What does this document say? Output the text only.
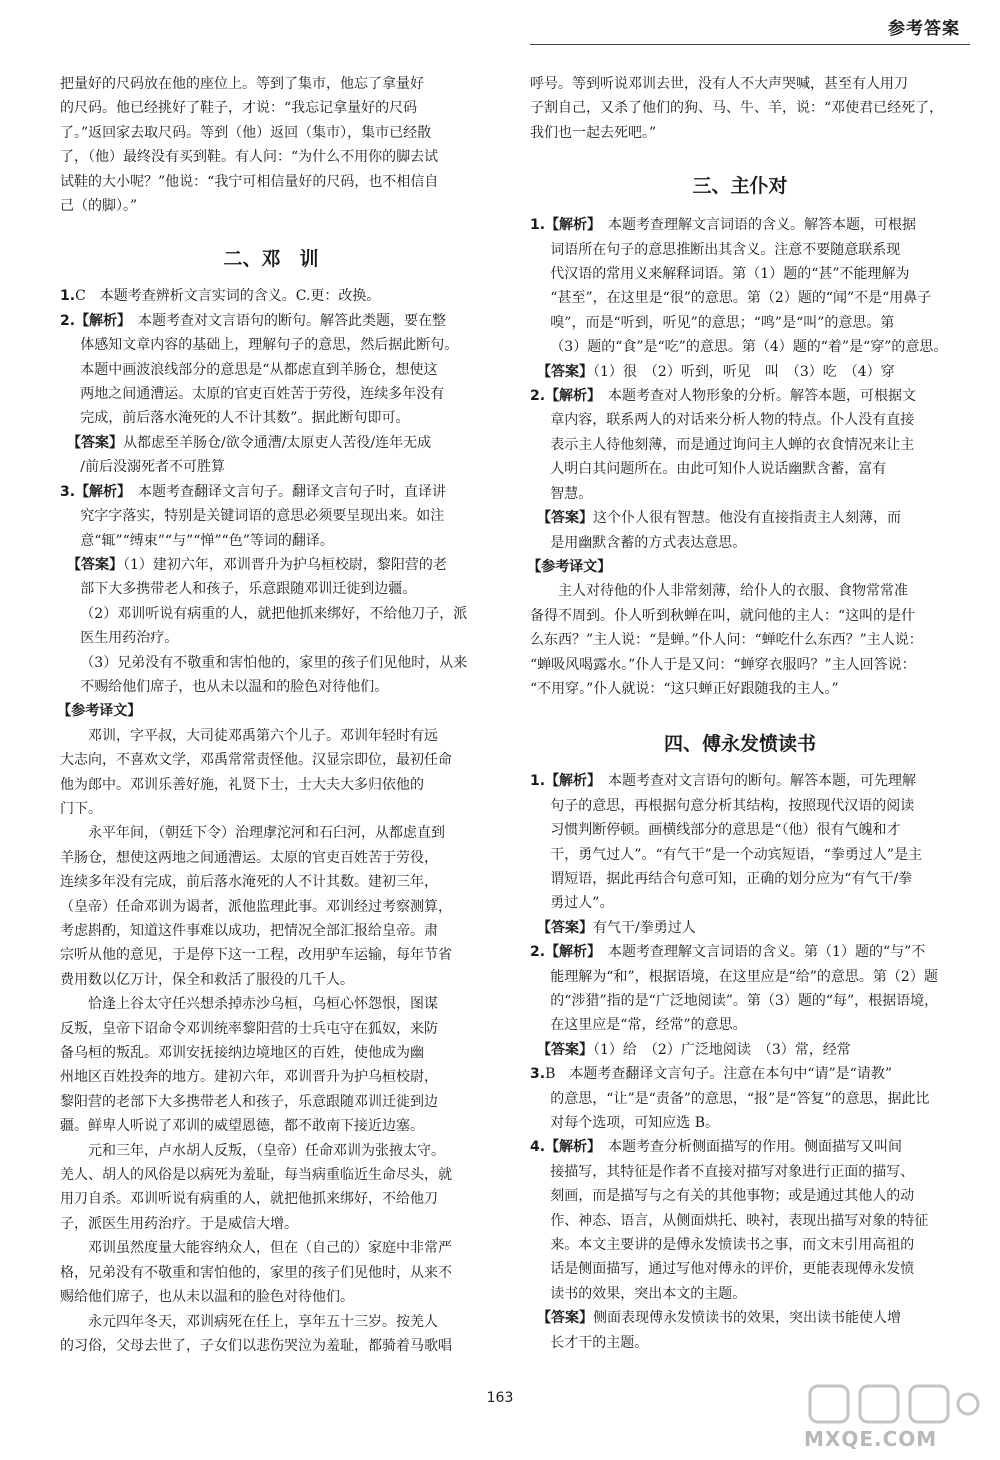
参考答案

把量好的尺码放在他的座位上。等到了集市，他忘了拿量好

的尺码。他已经挑好了鞋子，才说：“我忘记拿量好的尺码

了。”返回家去取尺码。等到（他）返回（集市），集市已经散

了，（他）最终没有买到鞋。有人问：“为什么不用你的脚去试

试鞋的大小呢？”他说：“我宁可相信量好的尺码，也不相信自

己（的脚）。”

二、邓　训

1.C　本题考查辨析文言实词的含义。C.更：改换。

2.【解析】　本题考查对文言语句的断句。解答此类题，要在整

体感知文章内容的基础上，理解句子的意思，然后据此断句。

本题中画波浪线部分的意思是“从都虑直到羊肠仓，想使这

两地之间通漕运。太原的官吏百姓苦于劳役，连续多年没有

完成，前后落水淹死的人不计其数”。据此断句即可。

【答案】从都虑至羊肠仓/欲令通漕/太原吏人苦役/连年无成

/前后没溺死者不可胜算

3.【解析】　本题考查翻译文言句子。翻译文言句子时，直译讲

究字字落实，特别是关键词语的意思必须要呈现出来。如注

意“辄”“缚束”“与”“惮”“色”等词的翻译。

【答案】（1）建初六年，邓训晋升为护乌桓校尉，黎阳营的老

部下大多携带老人和孩子，乐意跟随邓训迁徙到边疆。

（2）邓训听说有病重的人，就把他抓来绑好，不给他刀子，派

医生用药治疗。

（3）兄弟没有不敬重和害怕他的，家里的孩子们见他时，从来

不赐给他们席子，也从未以温和的脸色对待他们。

【参考译文】

邓训，字平叔，大司徒邓禹第六个儿子。邓训年轻时有远

大志向，不喜欢文学，邓禹常常责怪他。汉显宗即位，最初任命

他为郎中。邓训乐善好施，礼贤下士，士大夫大多归依他的

门下。

永平年间，（朝廷下令）治理虖沱河和石臼河，从都虑直到

羊肠仓，想使这两地之间通漕运。太原的官吏百姓苦于劳役，

连续多年没有完成，前后落水淹死的人不计其数。建初三年，

（皇帝）任命邓训为谒者，派他监理此事。邓训经过考察测算，

考虑斟酌，知道这件事难以成功，把情况全部汇报给皇帝。肃

宗听从他的意见，于是停下这一工程，改用驴车运输，每年节省

费用数以亿万计，保全和救活了服役的几千人。

恰逢上谷太守任兴想杀掉赤沙乌桓，乌桓心怀怨恨，图谋

反叛，皇帝下诏命令邓训统率黎阳营的士兵屯守在狐奴，来防

备乌桓的叛乱。邓训安抚接纳边境地区的百姓，使他成为幽

州地区百姓投奔的地方。建初六年，邓训晋升为护乌桓校尉，

黎阳营的老部下大多携带老人和孩子，乐意跟随邓训迁徙到边

疆。鲜卑人听说了邓训的威望恩德，都不敢南下接近边塞。

元和三年，卢水胡人反叛，（皇帝）任命邓训为张掖太守。

羌人、胡人的风俗是以病死为羞耻，每当病重临近生命尽头，就

用刀自杀。邓训听说有病重的人，就把他抓来绑好，不给他刀

子，派医生用药治疗。于是威信大增。

邓训虽然度量大能容纳众人，但在（自己的）家庭中非常严

格，兄弟没有不敬重和害怕他的，家里的孩子们见他时，从来不

赐给他们席子，也从未以温和的脸色对待他们。

永元四年冬天，邓训病死在任上，享年五十三岁。按羌人

的习俗，父母去世了，子女们以悲伤哭泣为羞耻，都骑着马歌唱

呼号。等到听说邓训去世，没有人不大声哭喊，甚至有人用刀

子割自己，又杀了他们的狗、马、牛、羊，说：“邓使君已经死了，

我们也一起去死吧。”

三、主仆对

1.【解析】　本题考查理解文言词语的含义。解答本题，可根据

词语所在句子的意思推断出其含义。注意不要随意联系现

代汉语的常用义来解释词语。第（1）题的“甚”不能理解为

“甚至”，在这里是“很”的意思。第（2）题的“闻”不是“用鼻子

嗅”，而是“听到，听见”的意思；“鸣”是“叫”的意思。第

（3）题的“食”是“吃”的意思。第（4）题的“着”是“穿”的意思。

【答案】（1）很　（2）听到，听见　叫　（3）吃　（4）穿

2.【解析】　本题考查对人物形象的分析。解答本题，可根据文

章内容，联系两人的对话来分析人物的特点。仆人没有直接

表示主人待他刻薄，而是通过询问主人蝉的衣食情况来让主

人明白其问题所在。由此可知仆人说话幽默含蓄，富有

智慧。

【答案】这个仆人很有智慧。他没有直接指责主人刻薄，而

是用幽默含蓄的方式表达意思。

【参考译文】

主人对待他的仆人非常刻薄，给仆人的衣服、食物常常准

备得不周到。仆人听到秋蝉在叫，就问他的主人：“这叫的是什

么东西？”主人说：“是蝉。”仆人问：“蝉吃什么东西？”主人说：

“蝉吸风喝露水。”仆人于是又问：“蝉穿衣服吗？”主人回答说：

“不用穿。”仆人就说：“这只蝉正好跟随我的主人。”

四、傅永发愤读书

1.【解析】　本题考查对文言语句的断句。解答本题，可先理解

句子的意思，再根据句意分析其结构，按照现代汉语的阅读

习惯判断停顿。画横线部分的意思是“（他）很有气魄和才

干，勇气过人”。“有气干”是一个动宾短语，“拳勇过人”是主

谓短语，据此再结合句意可知，正确的划分应为“有气干/拳

勇过人”。

【答案】有气干/拳勇过人

2.【解析】　本题考查理解文言词语的含义。第（1）题的“与”不

能理解为“和”，根据语境，在这里应是“给”的意思。第（2）题

的“涉猎”指的是“广泛地阅读”。第（3）题的“每”，根据语境，

在这里应是“常，经常”的意思。

【答案】（1）给　（2）广泛地阅读　（3）常，经常

3.B　本题考查翻译文言句子。注意在本句中“请”是“请教”

的意思，“让”是“责备”的意思，“报”是“答复”的意思，据此比

对每个选项，可知应选 B。

4.【解析】　本题考查分析侧面描写的作用。侧面描写又叫间

接描写，其特征是作者不直接对描写对象进行正面的描写、

刻画，而是描写与之有关的其他事物；或是通过其他人的动

作、神态、语言，从侧面烘托、映衬，表现出描写对象的特征

来。本文主要讲的是傅永发愤读书之事，而文末引用高祖的

话是侧面描写，通过写他对傅永的评价，更能表现傅永发愤

读书的效果，突出本文的主题。

【答案】侧面表现傅永发愤读书的效果，突出读书能使人增

长才干的主题。

163
MXQE.COM
